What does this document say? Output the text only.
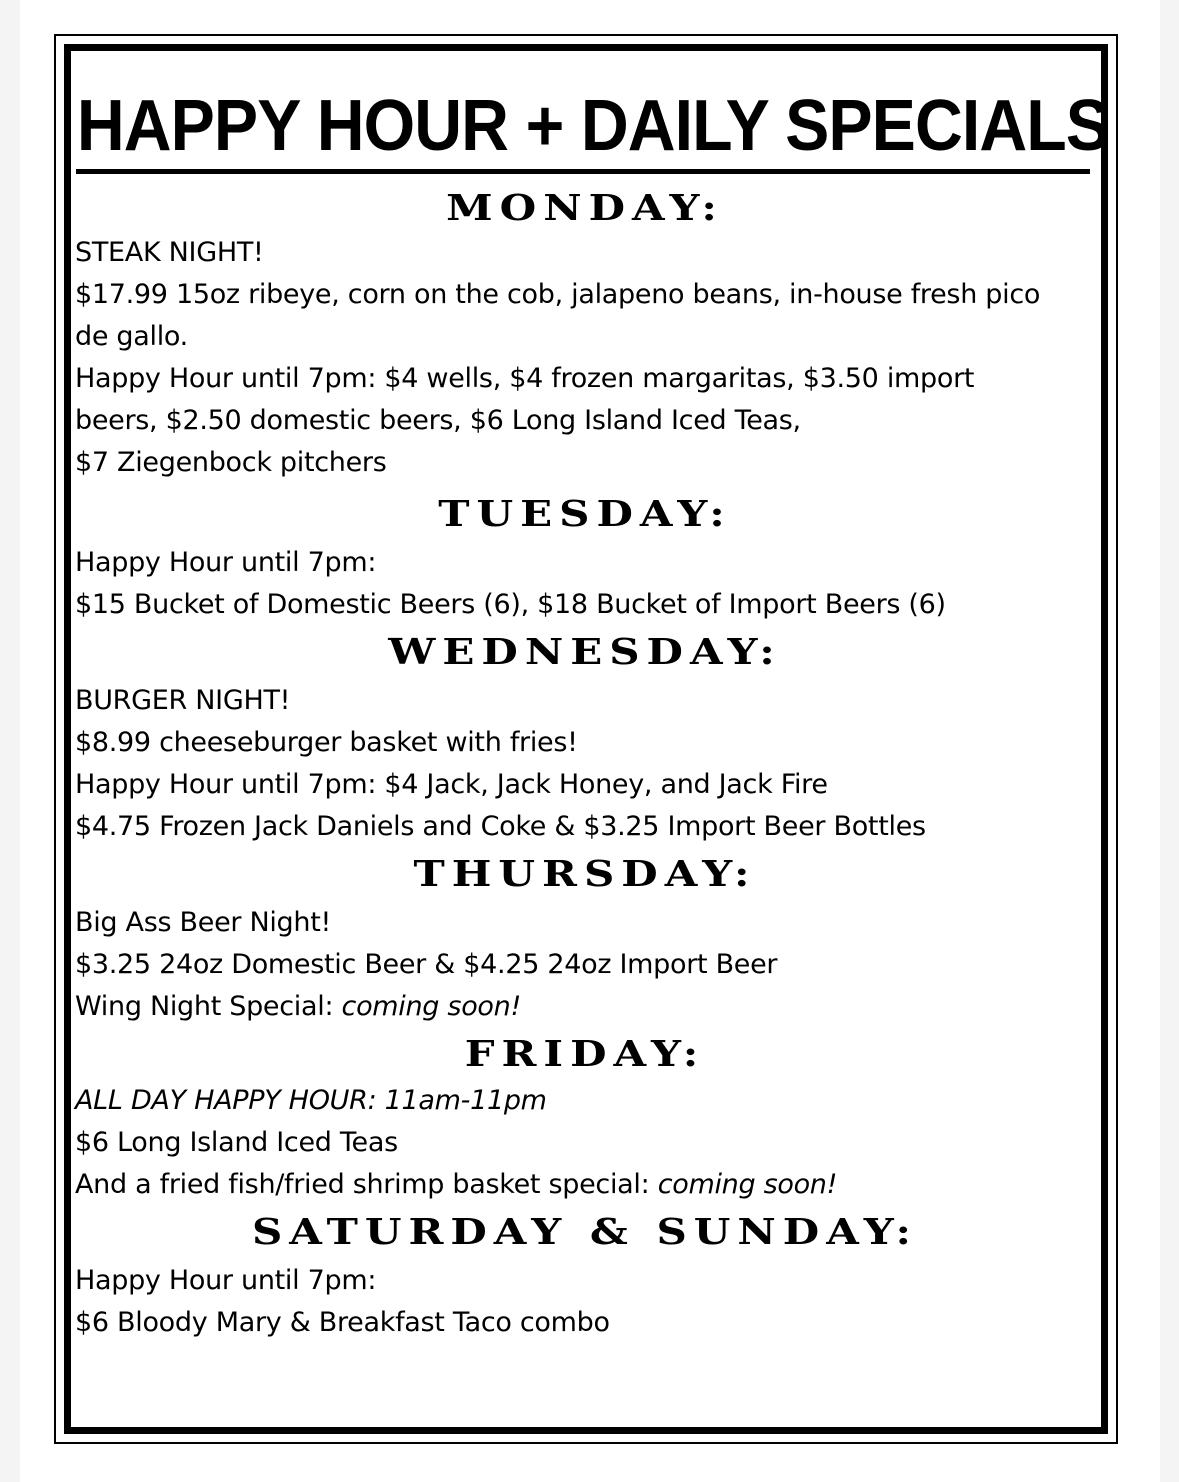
HAPPY HOUR + DAILY SPECIALS
MONDAY:

STEAK NIGHT!

$17.99 15oz ribeye, corn on the cob, jalapeno beans, in-house fresh pico

de gallo.

Happy Hour until 7pm: $4 wells, $4 frozen margaritas, $3.50 import

beers, $2.50 domestic beers, $6 Long Island Iced Teas,

$7 Ziegenbock pitchers

TUESDAY:

Happy Hour until 7pm:

$15 Bucket of Domestic Beers (6), $18 Bucket of Import Beers (6)

WEDNESDAY:

BURGER NIGHT!

$8.99 cheeseburger basket with fries!

Happy Hour until 7pm: $4 Jack, Jack Honey, and Jack Fire

$4.75 Frozen Jack Daniels and Coke & $3.25 Import Beer Bottles

THURSDAY:

Big Ass Beer Night!

$3.25 24oz Domestic Beer & $4.25 24oz Import Beer

Wing Night Special: coming soon!

FRIDAY:

ALL DAY HAPPY HOUR: 11am-11pm

$6 Long Island Iced Teas

And a fried fish/fried shrimp basket special: coming soon!

SATURDAY & SUNDAY:

Happy Hour until 7pm:

$6 Bloody Mary & Breakfast Taco combo
